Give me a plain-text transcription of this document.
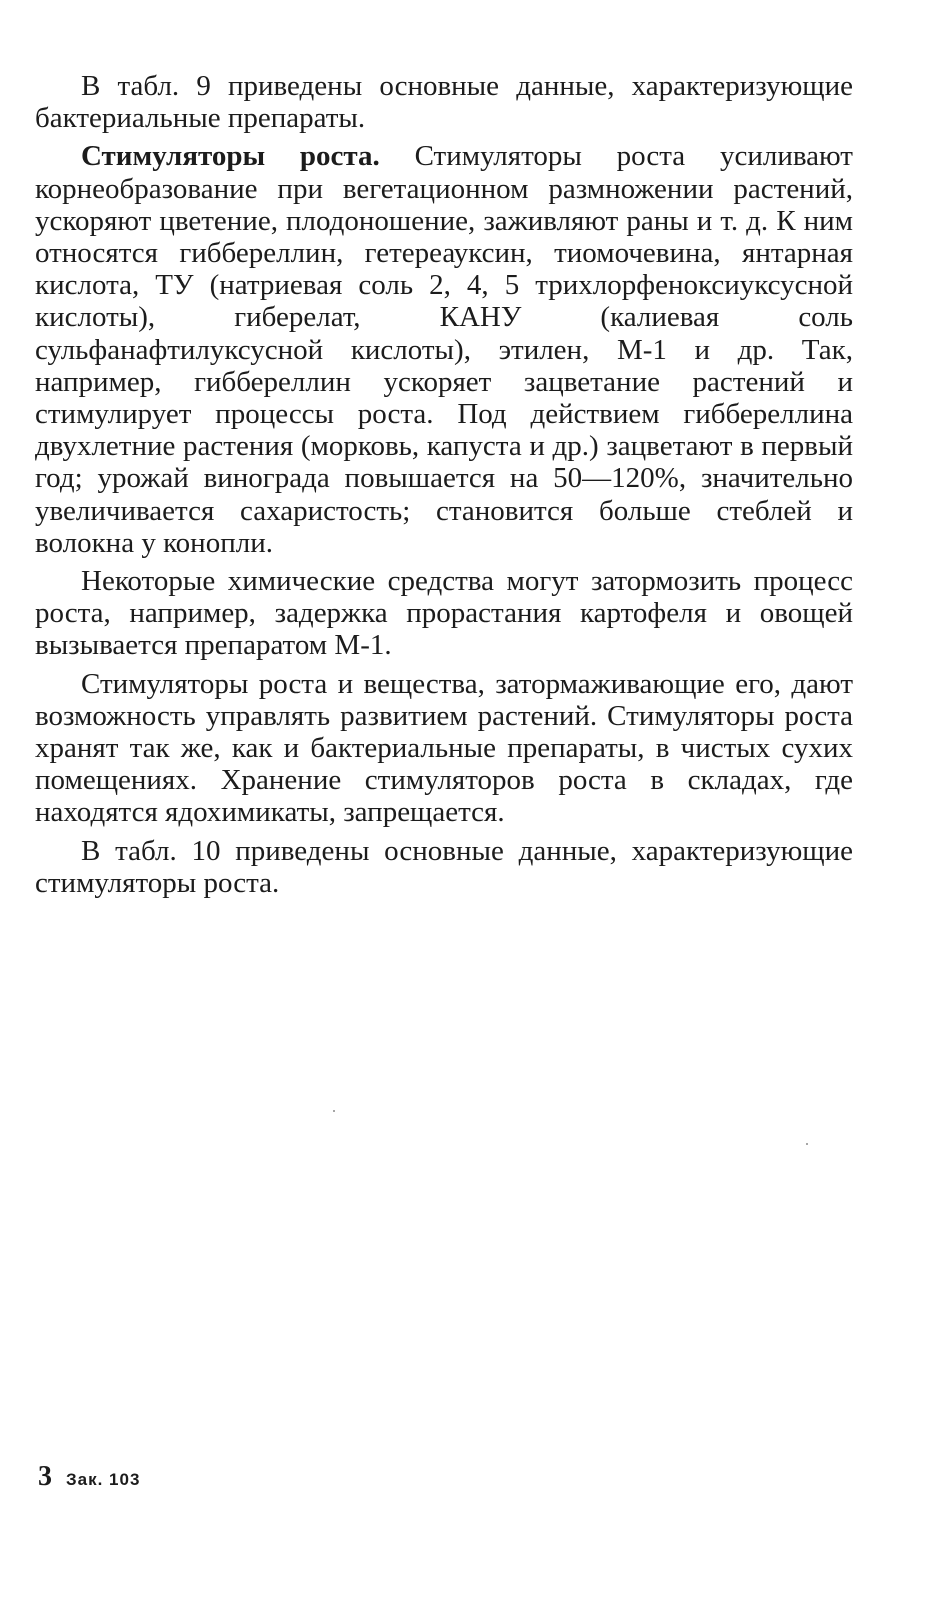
В табл. 9 приведены основные данные, характеризующие бактериальные препараты.

Стимуляторы роста. Стимуляторы роста усиливают корнеобразование при вегетационном размножении растений, ускоряют цветение, плодоношение, заживляют раны и т. д. К ним относятся гиббереллин, гетереауксин, тиомочевина, янтарная кислота, ТУ (натриевая соль 2, 4, 5 трихлорфеноксиуксусной кислоты), гиберелат, КАНУ (калиевая соль сульфанафтилуксусной кислоты), этилен, М-1 и др. Так, например, гиббереллин ускоряет зацветание растений и стимулирует процессы роста. Под действием гиббереллина двухлетние растения (морковь, капуста и др.) зацветают в первый год; урожай винограда повышается на 50—120%, значительно увеличивается сахаристость; становится больше стеблей и волокна у конопли.

Некоторые химические средства могут затормозить процесс роста, например, задержка прорастания картофеля и овощей вызывается препаратом М-1.

Стимуляторы роста и вещества, затормаживающие его, дают возможность управлять развитием растений. Стимуляторы роста хранят так же, как и бактериальные препараты, в чистых сухих помещениях. Хранение стимуляторов роста в складах, где находятся ядохимикаты, запрещается.

В табл. 10 приведены основные данные, характеризующие стимуляторы роста.

3 Зак. 103
